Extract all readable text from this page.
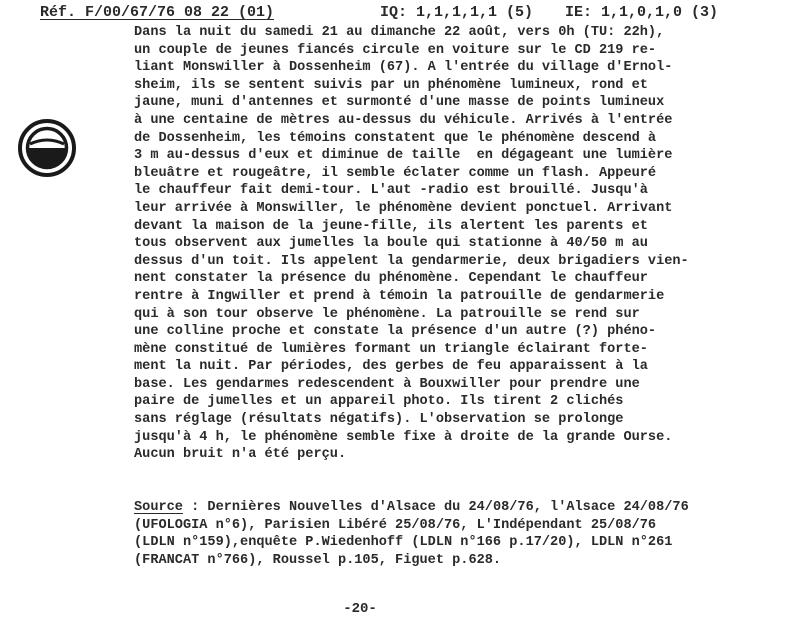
Réf. F/00/67/76 08 22 (01)	IQ: 1,1,1,1,1 (5) IE: 1,1,0,1,0 (3)
Dans la nuit du samedi 21 au dimanche 22 août, vers 0h (TU: 22h),
un couple de jeunes fiancés circule en voiture sur le CD 219 re-
liant Monswiller à Dossenheim (67). A l'entrée du village d'Ernol-
sheim, ils se sentent suivis par un phénomène lumineux, rond et
jaune, muni d'antennes et surmonté d'une masse de points lumineux
à une centaine de mètres au-dessus du véhicule. Arrivés à l'entrée
de Dossenheim, les témoins constatent que le phénomène descend à
3 m au-dessus d'eux et diminue de taille  en dégageant une lumière
bleuâtre et rougeâtre, il semble éclater comme un flash. Appeuré
le chauffeur fait demi-tour. L'aut -radio est brouillé. Jusqu'à
leur arrivée à Monswiller, le phénomène devient ponctuel. Arrivant
devant la maison de la jeune-fille, ils alertent les parents et
tous observent aux jumelles la boule qui stationne à 40/50 m au
dessus d'un toit. Ils appelent la gendarmerie, deux brigadiers vien-
nent constater la présence du phénomène. Cependant le chauffeur
rentre à Ingwiller et prend à témoin la patrouille de gendarmerie
qui à son tour observe le phénomène. La patrouille se rend sur
une colline proche et constate la présence d'un autre (?) phéno-
mène constitué de lumières formant un triangle éclairant forte-
ment la nuit. Par périodes, des gerbes de feu apparaissent à la
base. Les gendarmes redescendent à Bouxwiller pour prendre une
paire de jumelles et un appareil photo. Ils tirent 2 clichés
sans réglage (résultats négatifs). L'observation se prolonge
jusqu'à 4 h, le phénomène semble fixe à droite de la grande Ourse.
Aucun bruit n'a été perçu.
Source : Dernières Nouvelles d'Alsace du 24/08/76, l'Alsace 24/08/76
(UFOLOGIA n°6), Parisien Libéré 25/08/76, L'Indépendant 25/08/76
(LDLN n°159),enquête P.Wiedenhoff (LDLN n°166 p.17/20), LDLN n°261
(FRANCAT n°766), Roussel p.105, Figuet p.628.
-20-
